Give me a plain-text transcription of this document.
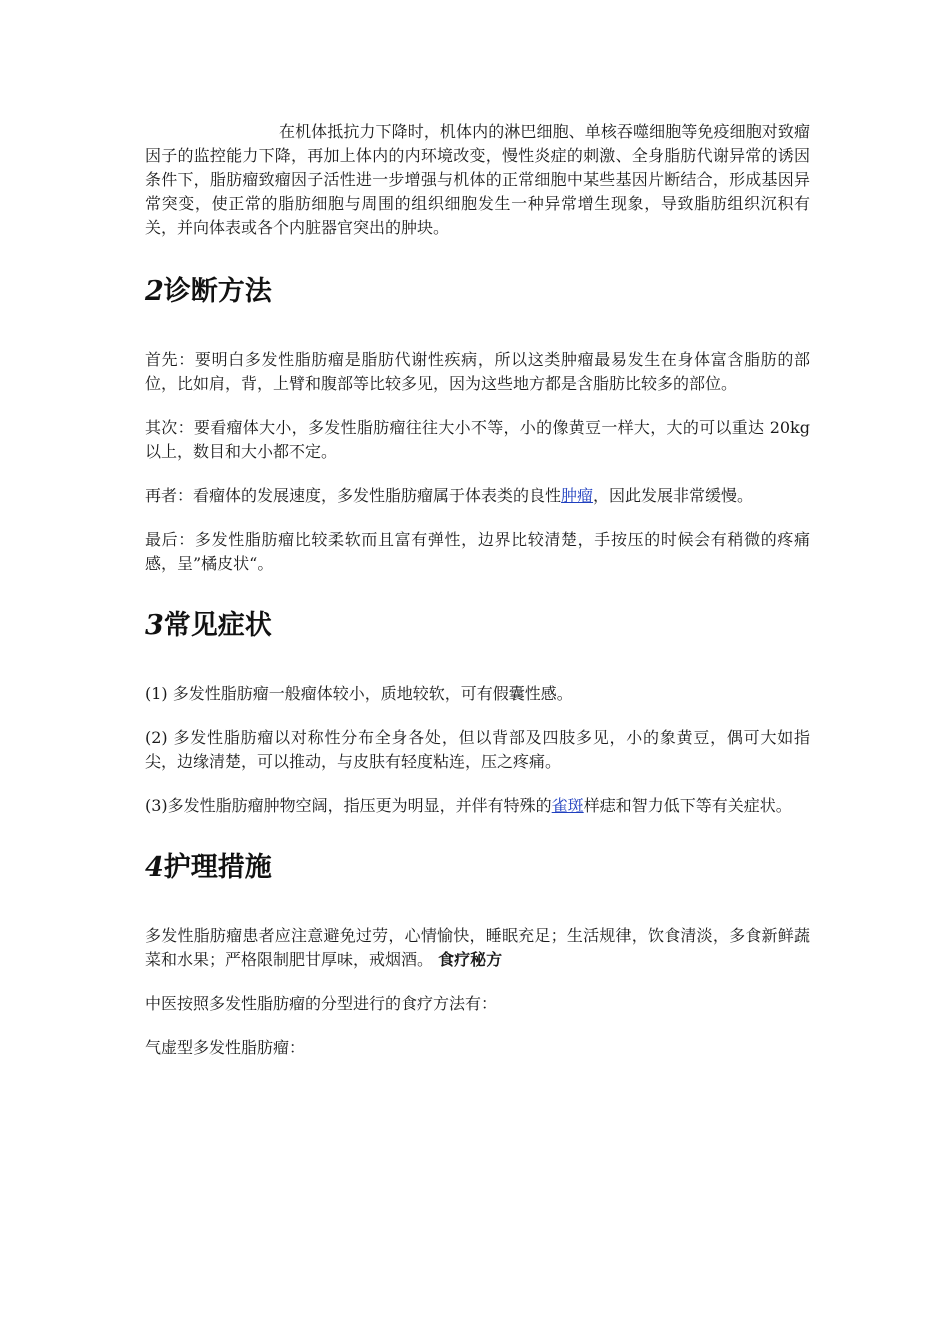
在机体抵抗力下降时，机体内的淋巴细胞、单核吞噬细胞等免疫细胞对致瘤因子的监控能力下降，再加上体内的内环境改变，慢性炎症的刺激、全身脂肪代谢异常的诱因条件下，脂肪瘤致瘤因子活性进一步增强与机体的正常细胞中某些基因片断结合，形成基因异常突变，使正常的脂肪细胞与周围的组织细胞发生一种异常增生现象，导致脂肪组织沉积有关，并向体表或各个内脏器官突出的肿块。

2诊断方法

首先：要明白多发性脂肪瘤是脂肪代谢性疾病，所以这类肿瘤最易发生在身体富含脂肪的部位，比如肩，背，上臂和腹部等比较多见，因为这些地方都是含脂肪比较多的部位。

其次：要看瘤体大小，多发性脂肪瘤往往大小不等，小的像黄豆一样大，大的可以重达 20kg 以上，数目和大小都不定。

再者：看瘤体的发展速度，多发性脂肪瘤属于体表类的良性肿瘤，因此发展非常缓慢。

最后：多发性脂肪瘤比较柔软而且富有弹性，边界比较清楚，手按压的时候会有稍微的疼痛感，呈”橘皮状“。

3常见症状

(1) 多发性脂肪瘤一般瘤体较小，质地较软，可有假囊性感。

(2) 多发性脂肪瘤以对称性分布全身各处，但以背部及四肢多见，小的象黄豆，偶可大如指尖，边缘清楚，可以推动，与皮肤有轻度粘连，压之疼痛。

(3)多发性脂肪瘤肿物空阔，指压更为明显，并伴有特殊的雀斑样痣和智力低下等有关症状。

4护理措施

多发性脂肪瘤患者应注意避免过劳，心情愉快，睡眠充足；生活规律，饮食清淡，多食新鲜蔬菜和水果；严格限制肥甘厚味，戒烟酒。 食疗秘方

中医按照多发性脂肪瘤的分型进行的食疗方法有：

气虚型多发性脂肪瘤：
